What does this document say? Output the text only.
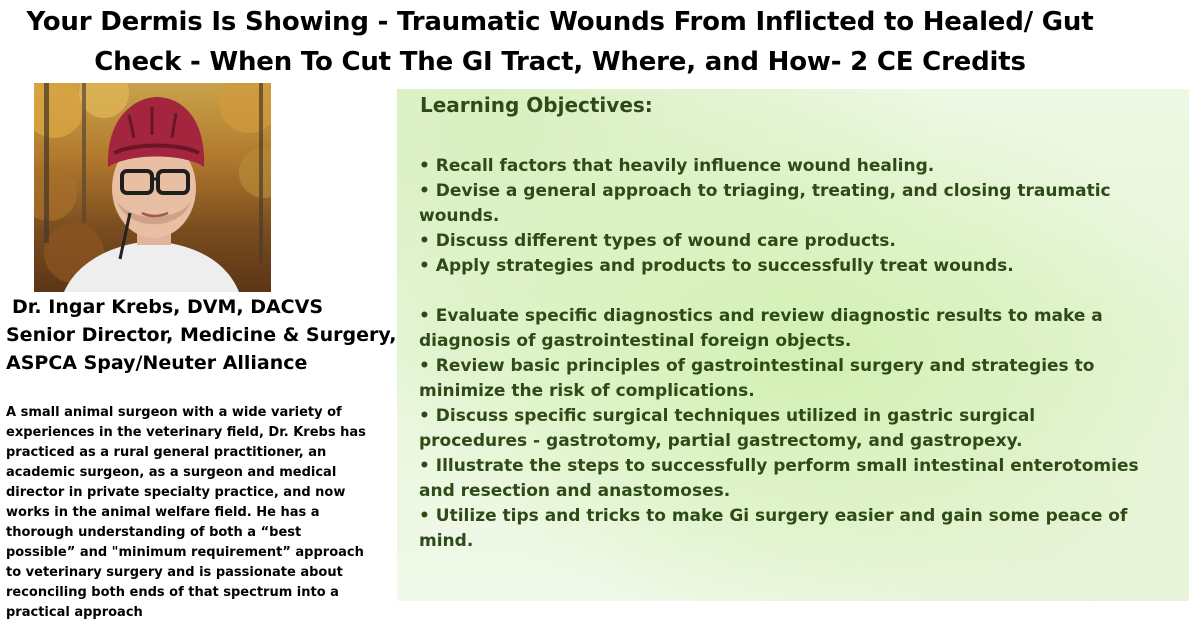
Your Dermis Is Showing - Traumatic Wounds From Inflicted to Healed/ Gut
Check - When To Cut The GI Tract, Where, and How- 2 CE Credits
Dr. Ingar Krebs, DVM, DACVS
Senior Director, Medicine & Surgery,
ASPCA Spay/Neuter Alliance

A small animal surgeon with a wide variety of experiences in the veterinary field, Dr. Krebs has practiced as a rural general practitioner, an academic surgeon, as a surgeon and medical director in private specialty practice, and now works in the animal welfare field. He has a thorough understanding of both a “best possible” and "minimum requirement” approach to veterinary surgery and is passionate about reconciling both ends of that spectrum into a practical approach

Learning Objectives:
• Recall factors that heavily influence wound healing.
• Devise a general approach to triaging, treating, and closing traumatic wounds.
• Discuss different types of wound care products.
• Apply strategies and products to successfully treat wounds.
• Evaluate specific diagnostics and review diagnostic results to make a diagnosis of gastrointestinal foreign objects.
• Review basic principles of gastrointestinal surgery and strategies to minimize the risk of complications.
• Discuss specific surgical techniques utilized in gastric surgical procedures - gastrotomy, partial gastrectomy, and gastropexy.
• Illustrate the steps to successfully perform small intestinal enterotomies and resection and anastomoses.
• Utilize tips and tricks to make Gi surgery easier and gain some peace of mind.
